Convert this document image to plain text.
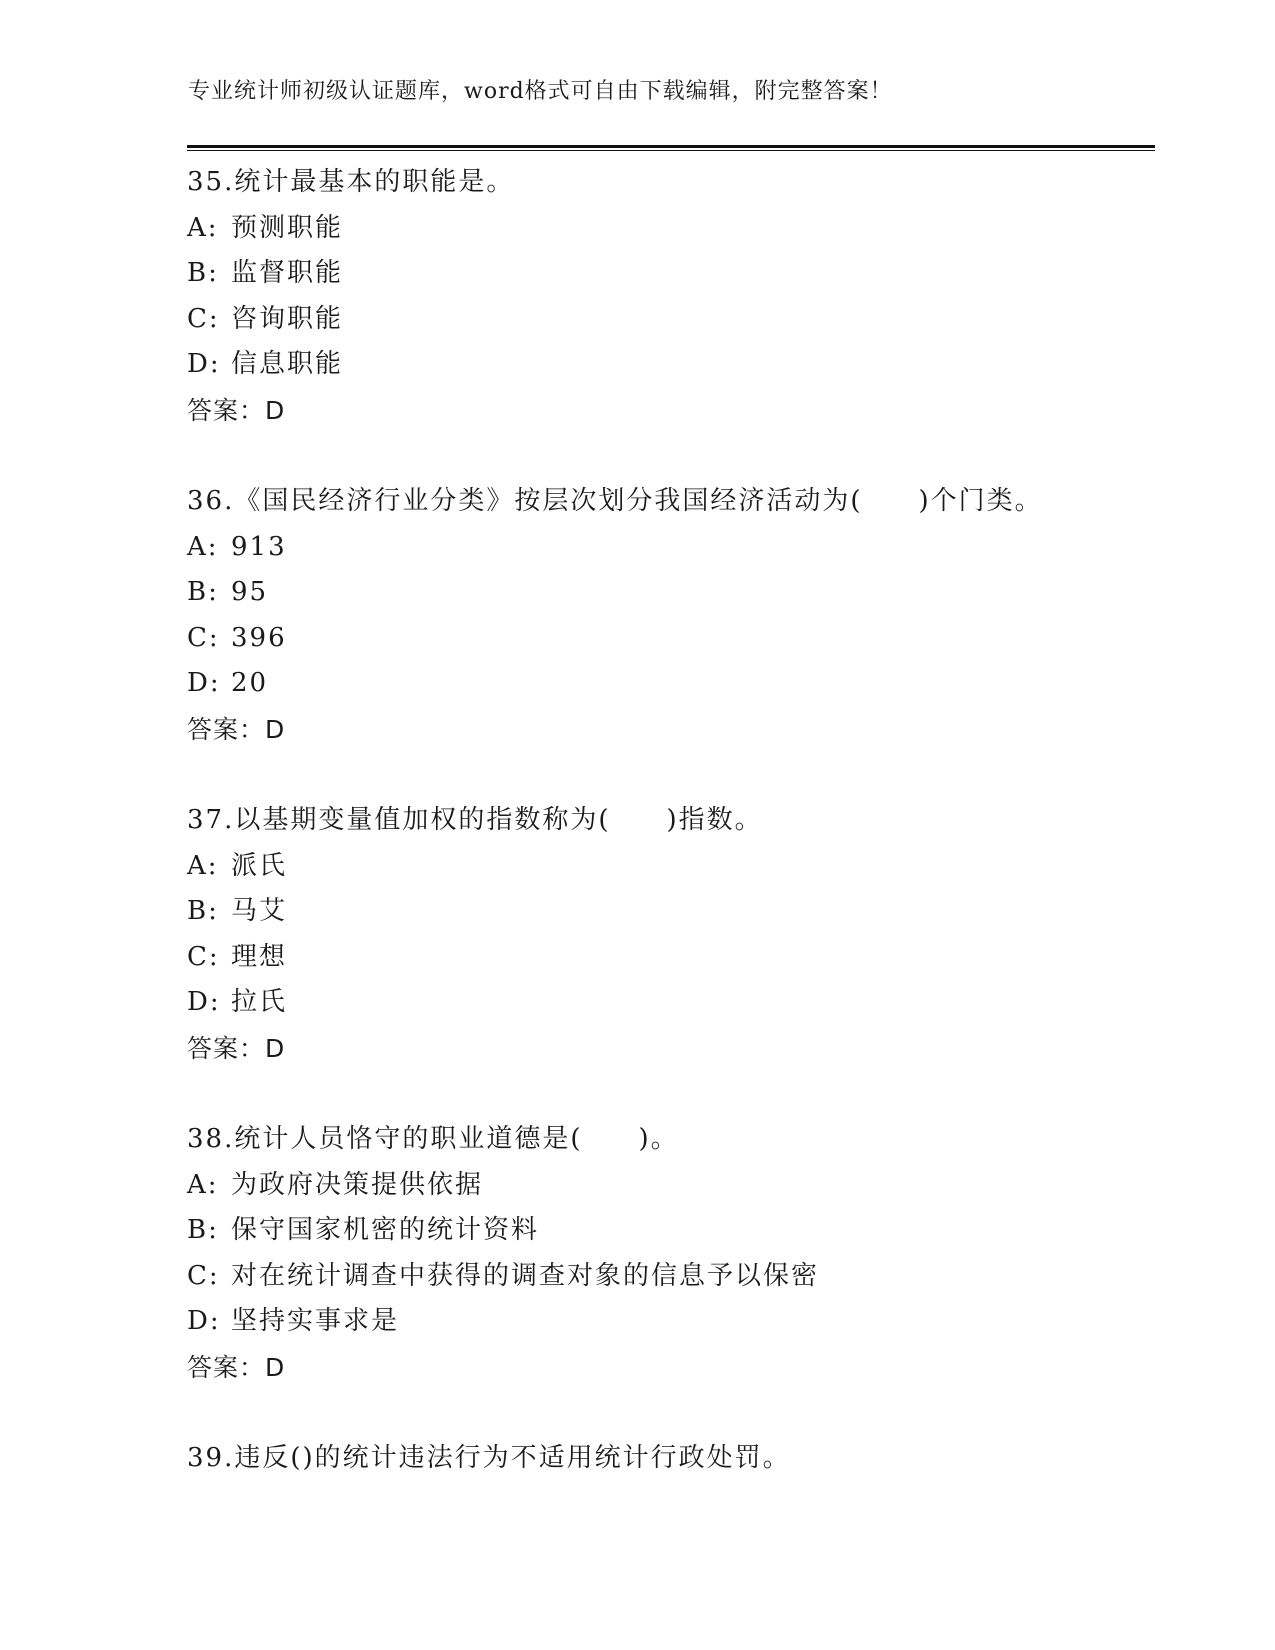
专业统计师初级认证题库，word格式可自由下载编辑，附完整答案！
35.统计最基本的职能是。
A: 预测职能
B: 监督职能
C: 咨询职能
D: 信息职能
答案：D
36.《国民经济行业分类》按层次划分我国经济活动为(　　)个门类。
A: 913
B: 95
C: 396
D: 20
答案：D
37.以基期变量值加权的指数称为(　　)指数。
A: 派氏
B: 马艾
C: 理想
D: 拉氏
答案：D
38.统计人员恪守的职业道德是(　　)。
A: 为政府决策提供依据
B: 保守国家机密的统计资料
C: 对在统计调查中获得的调查对象的信息予以保密
D: 坚持实事求是
答案：D
39.违反()的统计违法行为不适用统计行政处罚。
